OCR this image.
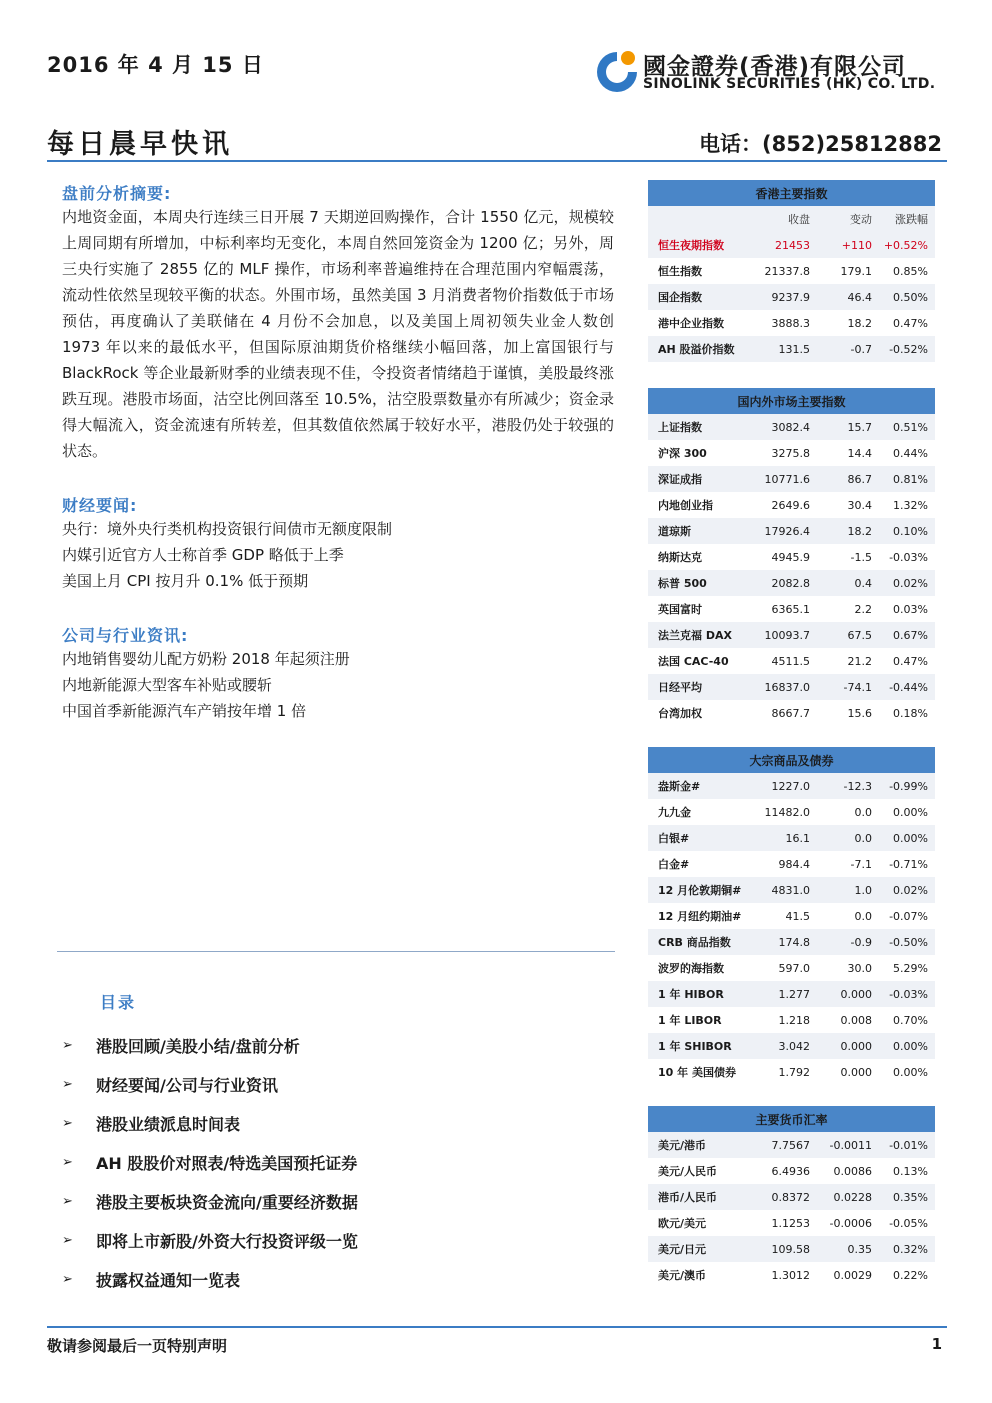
2016 年 4 月 15 日	國金證券(香港)有限公司
SINOLINK SECURITIES (HK) CO. LTD.
每日晨早快讯	电话：(852)25812882
盘前分析摘要:
内地资金面，本周央行连续三日开展 7 天期逆回购操作，合计 1550 亿元，规模较上周同期有所增加，中标利率均无变化，本周自然回笼资金为 1200 亿；另外，周三央行实施了 2855 亿的 MLF 操作，市场利率普遍维持在合理范围内窄幅震荡，流动性依然呈现较平衡的状态。外围市场，虽然美国 3 月消费者物价指数低于市场预估，再度确认了美联储在 4 月份不会加息，以及美国上周初领失业金人数创 1973 年以来的最低水平，但国际原油期货价格继续小幅回落，加上富国银行与 BlackRock 等企业最新财季的业绩表现不佳，令投资者情绪趋于谨慎，美股最终涨跌互现。港股市场面，沽空比例回落至 10.5%，沽空股票数量亦有所减少；资金录得大幅流入，资金流速有所转差，但其数值依然属于较好水平，港股仍处于较强的状态。
财经要闻:
央行：境外央行类机构投资银行间债市无额度限制
内媒引近官方人士称首季 GDP 略低于上季
美国上月 CPI 按月升 0.1% 低于预期
公司与行业资讯:
内地销售婴幼儿配方奶粉 2018 年起须注册
内地新能源大型客车补贴或腰斩
中国首季新能源汽车产销按年增 1 倍
目录
➢	港股回顾/美股小结/盘前分析
➢	财经要闻/公司与行业资讯
➢	港股业绩派息时间表
➢	AH 股股价对照表/特选美国预托证券
➢	港股主要板块资金流向/重要经济数据
➢	即将上市新股/外资大行投资评级一览
➢	披露权益通知一览表
香港主要指数
收盘	变动	涨跌幅
恒生夜期指数	21453	+110	+0.52%
恒生指数	21337.8	179.1	0.85%
国企指数	9237.9	46.4	0.50%
港中企业指数	3888.3	18.2	0.47%
AH 股溢价指数	131.5	-0.7	-0.52%
国内外市场主要指数
上证指数	3082.4	15.7	0.51%
沪深 300	3275.8	14.4	0.44%
深证成指	10771.6	86.7	0.81%
内地创业指	2649.6	30.4	1.32%
道琼斯	17926.4	18.2	0.10%
纳斯达克	4945.9	-1.5	-0.03%
标普 500	2082.8	0.4	0.02%
英国富时	6365.1	2.2	0.03%
法兰克福 DAX	10093.7	67.5	0.67%
法国 CAC-40	4511.5	21.2	0.47%
日经平均	16837.0	-74.1	-0.44%
台湾加权	8667.7	15.6	0.18%
大宗商品及债券
盎斯金#	1227.0	-12.3	-0.99%
九九金	11482.0	0.0	0.00%
白银#	16.1	0.0	0.00%
白金#	984.4	-7.1	-0.71%
12 月伦敦期铜#	4831.0	1.0	0.02%
12 月纽约期油#	41.5	0.0	-0.07%
CRB 商品指数	174.8	-0.9	-0.50%
波罗的海指数	597.0	30.0	5.29%
1 年 HIBOR	1.277	0.000	-0.03%
1 年 LIBOR	1.218	0.008	0.70%
1 年 SHIBOR	3.042	0.000	0.00%
10 年 美国债券	1.792	0.000	0.00%
主要货币汇率
美元/港币	7.7567	-0.0011	-0.01%
美元/人民币	6.4936	0.0086	0.13%
港币/人民币	0.8372	0.0228	0.35%
欧元/美元	1.1253	-0.0006	-0.05%
美元/日元	109.58	0.35	0.32%
美元/澳币	1.3012	0.0029	0.22%
敬请参阅最后一页特别声明	1
